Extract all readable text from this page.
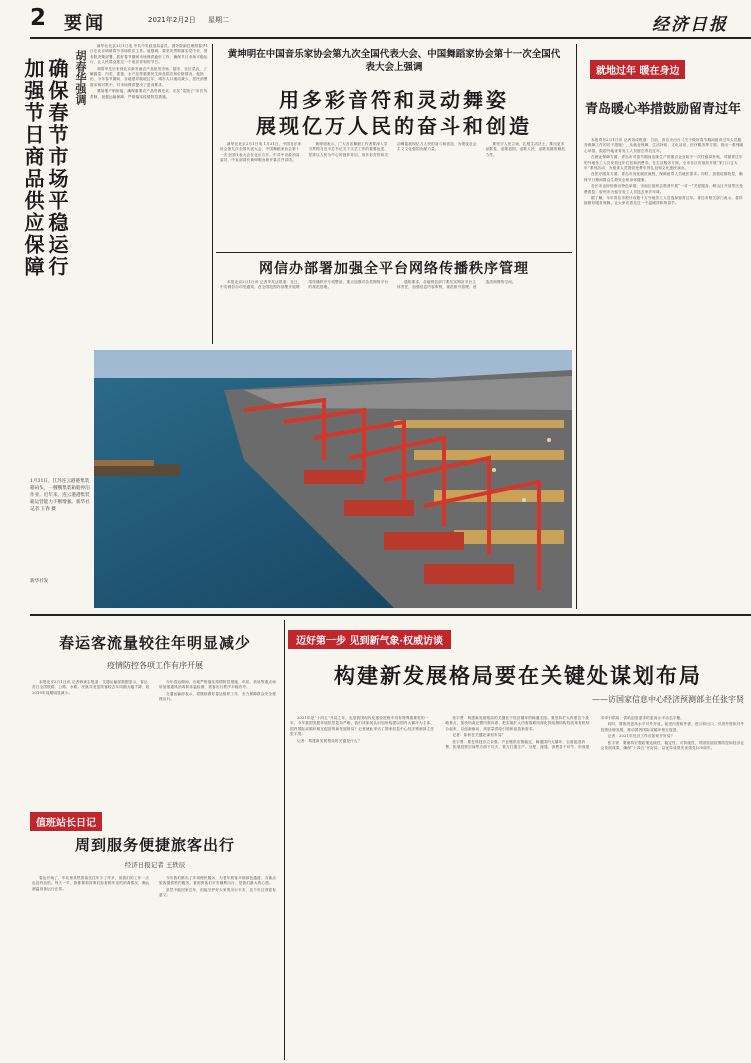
2 要闻	2021年2月2日 星期二	经济日报
胡春华强调
确保春节市场平稳运行
加强节日商品供应保障

新华社北京2月1日电 中共中央政治局委员、国务院副总理胡春华1日在北京调研春节市场供应工作。他强调，要坚决贯彻落实党中央、国务院决策部署，抓好春节期间市场保供稳价工作，确保节日市场平稳运行，让人民群众度过一个欢乐祥和的节日。

胡春华先后来到北京新发地农产品批发市场、超市、社区菜店，了解蔬菜、肉类、禽蛋、水产品等重要民生商品供应和价格情况。他指出，今年春节期间，各地倡导就地过年，城市人口流动减少，居民消费需求相对集中，对市场保供提出了更高要求。

要加强产销衔接，确保重要农产品货源充足，压实“菜篮子”市长负责制，加强运输保障，严格落实疫情防控措施。

黄坤明在中国音乐家协会第九次全国代表大会、中国舞蹈家协会第十一次全国代表大会上强调
用多彩音符和灵动舞姿
展现亿万人民的奋斗和创造

新华社北京2月1日电 1月31日，中国音乐家协会第九次全国代表大会、中国舞蹈家协会第十一次全国代表大会在北京召开。中共中央政治局委员、中宣部部长黄坤明出席开幕式并讲话。

黄坤明表示，广大音乐舞蹈工作者要深入学习贯彻习近平总书记关于文艺工作的重要论述，坚持以人民为中心的创作导向，用多彩音符和灵动舞姿展现亿万人民的奋斗和创造，为建设社会主义文化强国贡献力量。

要坚守人民立场，扎根生活沃土，推出更多讴歌党、讴歌祖国、讴歌人民、讴歌英雄的精品力作。

网信办部署加强全平台网络传播秩序管理

本报北京2月1日讯 记者李芃达报道：近日，中央网信办印发通知，在全国范围内部署开展网络传播秩序专项整治，重点加强对各类网络平台的规范管理。

通知要求，各地网信部门要压实网站平台主体责任，加强信息内容审核，规范账号管理，营造清朗网络空间。

就地过年 暖在身边
青岛暖心举措鼓励留青过年

本报青岛2月1日讯 记者刘成报道：日前，青岛市出台《关于做好春节期间留青过年人员服务保障工作的若干措施》，从就业保障、生活补贴、文化活动、医疗服务等方面，推出一系列暖心举措，鼓励外地来青务工人员留在青岛过年。

在就业保障方面，青岛市对春节期间连续生产的重点企业给予一次性稳岗补贴，对留青过年的外地务工人员发放过年红包和消费券。在生活服务方面，全市各区市组织开展“家门口过大年”系列活动，为留青人员提供免费年货礼包和文化惠民演出。

在医疗服务方面，青岛市优化就医流程，保障留青人员就医需求。同时，加强疫情防控，确保节日期间群众生命安全和身体健康。

各区市也纷纷推出特色举措。市南区组织志愿者开展“一对一”关爱服务；崂山区开放景区免费游览；胶州市为留守务工人员送去家乡年味。

据了解，今年青岛市预计有数十万外地务工人员选择留青过年。青岛市相关部门表示，将持续做好服务保障，让大家在青岛过一个温暖祥和的春节。

1月31日，江苏连云港港集装箱码头，一艘艘集装箱船停泊作业。近年来，连云港港集装箱运营能力不断增强。新华社记者 王春 摄
新华社发
春运客流量较往年明显减少
疫情防控各项工作有序开展

本报北京2月1日讯 记者韩秉志报道：交通运输部数据显示，春运首日全国铁路、公路、水路、民航共发送旅客较去年同期大幅下降，较2019年同期明显减少。

今年春运期间，各地严格落实疫情防控措施，车站、机场等重点场所加强通风消毒和体温检测，旅客出行秩序平稳有序。

交通运输部表示，将继续做好春运组织工作，全力保障群众安全便捷出行。

值班站长日记
周到服务便捷旅客出行
经济日报记者 王轶辰

春运开始了，车站里虽然旅客比往年少了许多，但我们的工作一点也没有放松。每天一早，我都要和同事们检查候车室的消毒情况，确认测温设备运行正常。

今年我们推出了多项便民服务，为老年旅客开辟绿色通道，为重点旅客提供预约服务。看到旅客们平安顺利出行，是我们最大的心愿。

虽然不能回家过年，但能守护好大家的出行平安，这个年过得很有意义。

迈好第一步 见到新气象·权威访谈
构建新发展格局要在关键处谋划布局
——访国家信息中心经济预测部主任张宇贤

2021年是“十四五”开局之年，也是我国现代化建设进程中具有特殊重要性的一年。今年我国发展环境依然复杂严峻，我们该如何认识加快构建以国内大循环为主体、国内国际双循环相互促进的新发展格局？记者就此采访了国家信息中心经济预测部主任张宇贤。

记者：构建新发展格局的关键是什么？

张宇贤：构建新发展格局的关键在于经济循环的畅通无阻。要坚持扩大内需这个战略基点，加快培育完整内需体系，把实施扩大内需战略同深化供给侧结构性改革有机结合起来，以创新驱动、高质量供给引领和创造新需求。

记者：如何在关键处谋划布局？

张宇贤：要在科技自立自强、产业链供应链稳定、畅通国内大循环、全面促进消费、拓展投资空间等方面下功夫，着力打通生产、分配、流通、消费各个环节，形成需求牵引供给、供给创造需求的更高水平动态平衡。

同时，要推进更高水平对外开放，促进内需和外需、进口和出口、引进外资和对外投资协调发展，推动国内国际双循环相互促进。

记者：2021年经济工作应如何开好局？

张宇贤：要保持宏观政策连续性、稳定性、可持续性，巩固拓展疫情防控和经济社会发展成果，确保“十四五”开好局，以优异成绩庆祝建党100周年。
